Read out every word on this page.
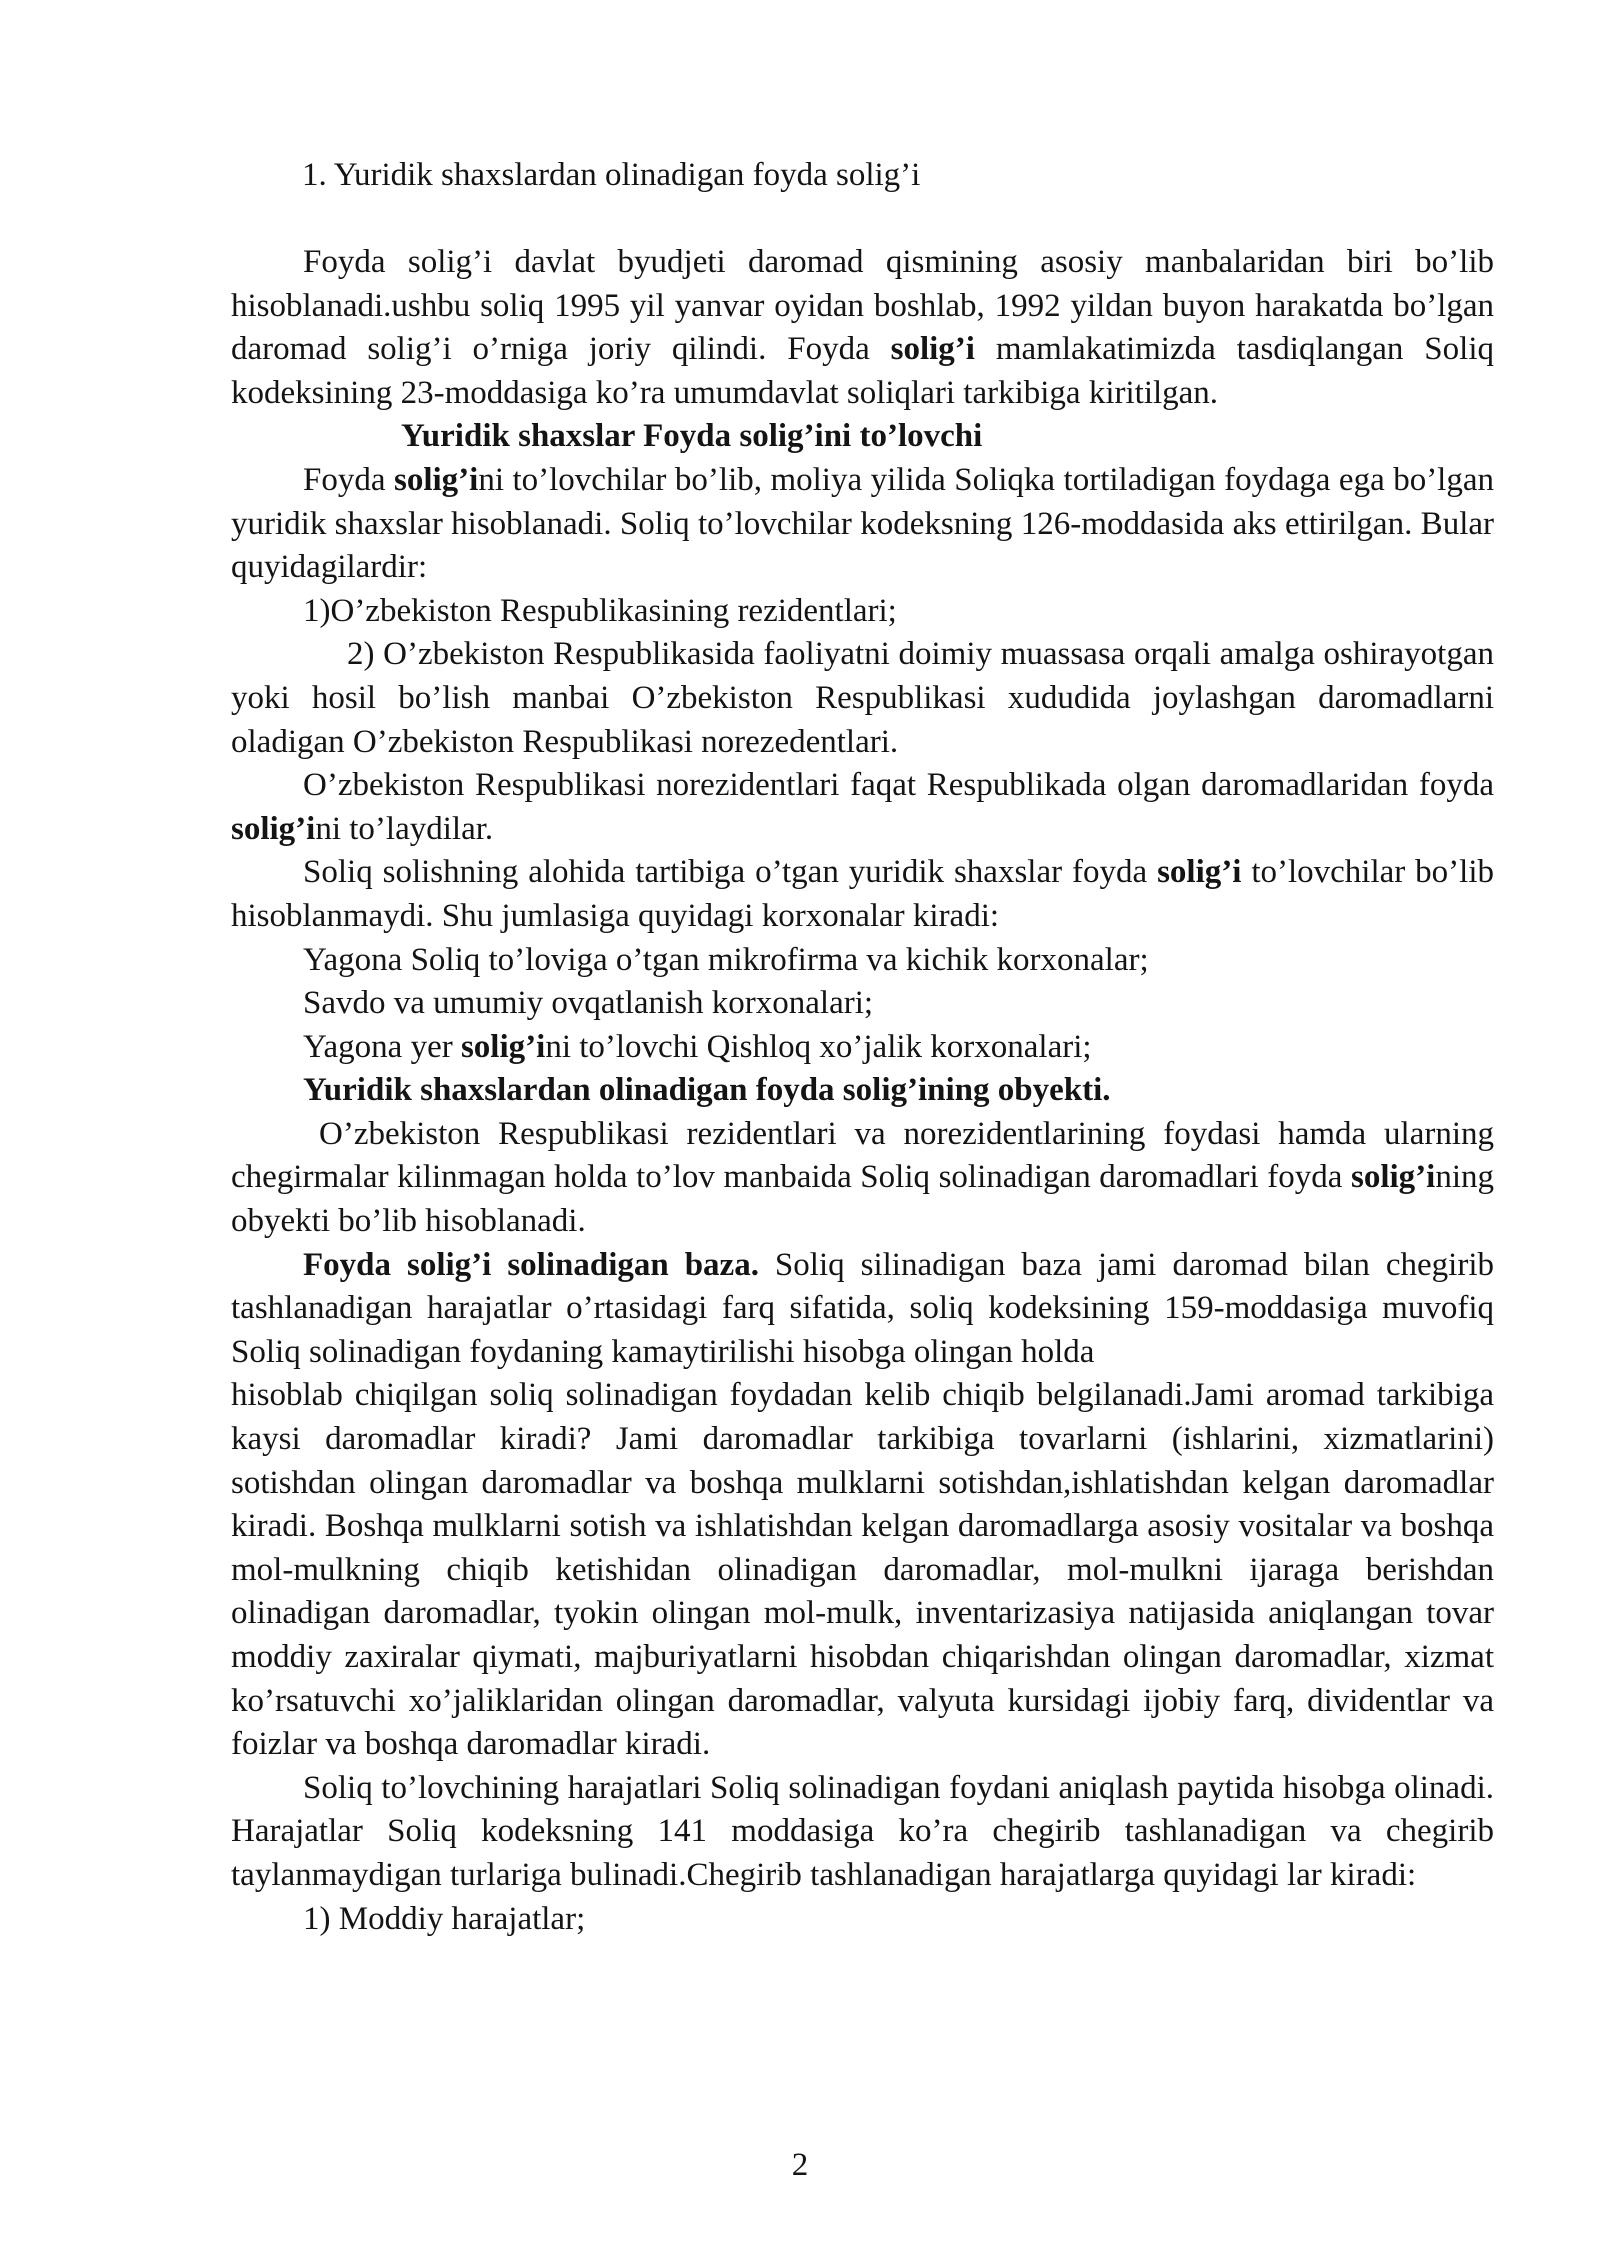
1. Yuridik shaxslardan olinadigan foyda solig’i

Foyda solig’i davlat byudjeti daromad qismining asosiy manbalaridan biri bo’lib hisoblanadi.ushbu soliq 1995 yil yanvar oyidan boshlab, 1992 yildan buyon harakatda bo’lgan daromad solig’i o’rniga joriy qilindi. Foyda solig’i mamlakatimizda tasdiqlangan Soliq kodeksining 23-moddasiga ko’ra umumdavlat soliqlari tarkibiga kiritilgan.

Yuridik shaxslar Foyda solig’ini to’lovchi

Foyda solig’ini to’lovchilar bo’lib, moliya yilida Soliqka tortiladigan foydaga ega bo’lgan yuridik shaxslar hisoblanadi. Soliq to’lovchilar kodeksning 126-moddasida aks ettirilgan. Bular quyidagilardir:

1)O’zbekiston Respublikasining rezidentlari;

2) O’zbekiston Respublikasida faoliyatni doimiy muassasa orqali amalga oshirayotgan yoki hosil bo’lish manbai O’zbekiston Respublikasi xududida joylashgan daromadlarni oladigan O’zbekiston Respublikasi norezedentlari.

O’zbekiston Respublikasi norezidentlari faqat Respublikada olgan daromadlaridan foyda solig’ini to’laydilar.

Soliq solishning alohida tartibiga o’tgan yuridik shaxslar foyda solig’i to’lovchilar bo’lib hisoblanmaydi. Shu jumlasiga quyidagi korxonalar kiradi:

Yagona Soliq to’loviga o’tgan mikrofirma va kichik korxonalar;

Savdo va umumiy ovqatlanish korxonalari;

Yagona yer solig’ini to’lovchi Qishloq xo’jalik korxonalari;

Yuridik shaxslardan olinadigan foyda solig’ining obyekti.

O’zbekiston Respublikasi rezidentlari va norezidentlarining foydasi hamda ularning chegirmalar kilinmagan holda to’lov manbaida Soliq solinadigan daromadlari foyda solig’ining obyekti bo’lib hisoblanadi.

Foyda solig’i solinadigan baza. Soliq silinadigan baza jami daromad bilan chegirib tashlanadigan harajatlar o’rtasidagi farq sifatida, soliq kodeksining 159-moddasiga muvofiq Soliq solinadigan foydaning kamaytirilishi hisobga olingan holda

hisoblab chiqilgan soliq solinadigan foydadan kelib chiqib belgilanadi.Jami aromad tarkibiga kaysi daromadlar kiradi? Jami daromadlar tarkibiga tovarlarni (ishlarini, xizmatlarini) sotishdan olingan daromadlar va boshqa mulklarni sotishdan,ishlatishdan kelgan daromadlar kiradi. Boshqa mulklarni sotish va ishlatishdan kelgan daromadlarga asosiy vositalar va boshqa mol-mulkning chiqib ketishidan olinadigan daromadlar, mol-mulkni ijaraga berishdan olinadigan daromadlar, tyokin olingan mol-mulk, inventarizasiya natijasida aniqlangan tovar moddiy zaxiralar qiymati, majburiyatlarni hisobdan chiqarishdan olingan daromadlar, xizmat ko’rsatuvchi xo’jaliklaridan olingan daromadlar, valyuta kursidagi ijobiy farq, dividentlar va foizlar va boshqa daromadlar kiradi.

Soliq to’lovchining harajatlari Soliq solinadigan foydani aniqlash paytida hisobga olinadi. Harajatlar Soliq kodeksning 141 moddasiga ko’ra chegirib tashlanadigan va chegirib taylanmaydigan turlariga bulinadi.Chegirib tashlanadigan harajatlarga quyidagi lar kiradi:

1) Moddiy harajatlar;

2
